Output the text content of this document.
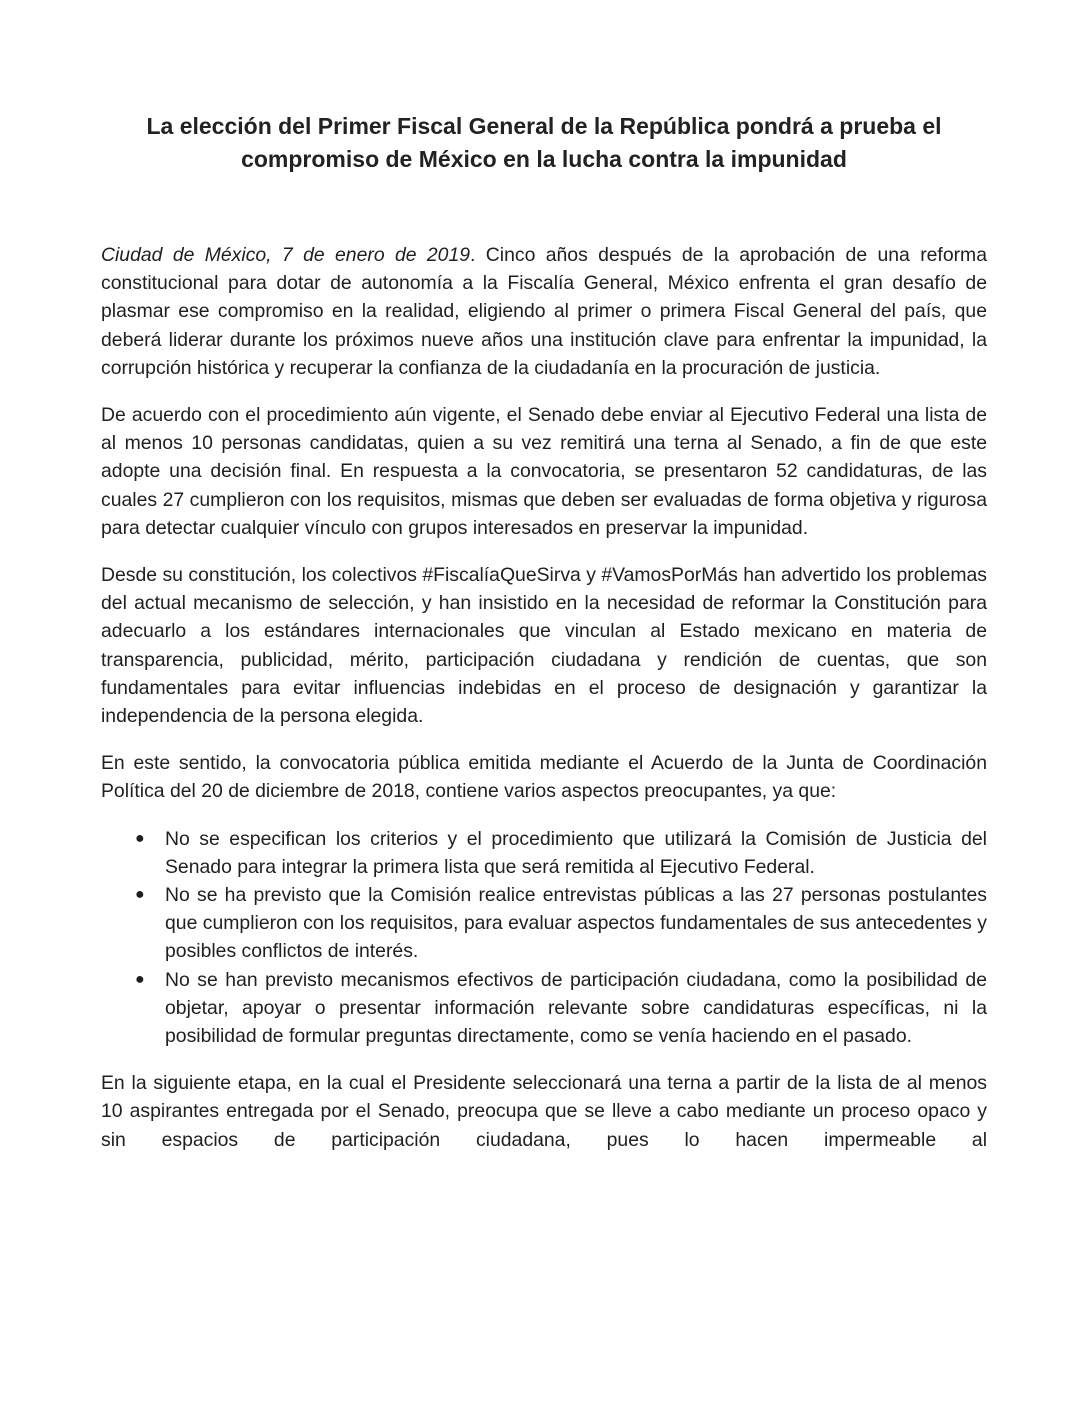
La elección del Primer Fiscal General de la República pondrá a prueba el compromiso de México en la lucha contra la impunidad

Ciudad de México, 7 de enero de 2019. Cinco años después de la aprobación de una reforma constitucional para dotar de autonomía a la Fiscalía General, México enfrenta el gran desafío de plasmar ese compromiso en la realidad, eligiendo al primer o primera Fiscal General del país, que deberá liderar durante los próximos nueve años una institución clave para enfrentar la impunidad, la corrupción histórica y recuperar la confianza de la ciudadanía en la procuración de justicia.

De acuerdo con el procedimiento aún vigente, el Senado debe enviar al Ejecutivo Federal una lista de al menos 10 personas candidatas, quien a su vez remitirá una terna al Senado, a fin de que este adopte una decisión final. En respuesta a la convocatoria, se presentaron 52 candidaturas, de las cuales 27 cumplieron con los requisitos, mismas que deben ser evaluadas de forma objetiva y rigurosa para detectar cualquier vínculo con grupos interesados en preservar la impunidad.

Desde su constitución, los colectivos #FiscalíaQueSirva y #VamosPorMás han advertido los problemas del actual mecanismo de selección, y han insistido en la necesidad de reformar la Constitución para adecuarlo a los estándares internacionales que vinculan al Estado mexicano en materia de transparencia, publicidad, mérito, participación ciudadana y rendición de cuentas, que son fundamentales para evitar influencias indebidas en el proceso de designación y garantizar la independencia de la persona elegida.

En este sentido, la convocatoria pública emitida mediante el Acuerdo de la Junta de Coordinación Política del 20 de diciembre de 2018, contiene varios aspectos preocupantes, ya que:

● No se especifican los criterios y el procedimiento que utilizará la Comisión de Justicia del Senado para integrar la primera lista que será remitida al Ejecutivo Federal.
● No se ha previsto que la Comisión realice entrevistas públicas a las 27 personas postulantes que cumplieron con los requisitos, para evaluar aspectos fundamentales de sus antecedentes y posibles conflictos de interés.
● No se han previsto mecanismos efectivos de participación ciudadana, como la posibilidad de objetar, apoyar o presentar información relevante sobre candidaturas específicas, ni la posibilidad de formular preguntas directamente, como se venía haciendo en el pasado.

En la siguiente etapa, en la cual el Presidente seleccionará una terna a partir de la lista de al menos 10 aspirantes entregada por el Senado, preocupa que se lleve a cabo mediante un proceso opaco y sin espacios de participación ciudadana, pues lo hacen impermeable al
